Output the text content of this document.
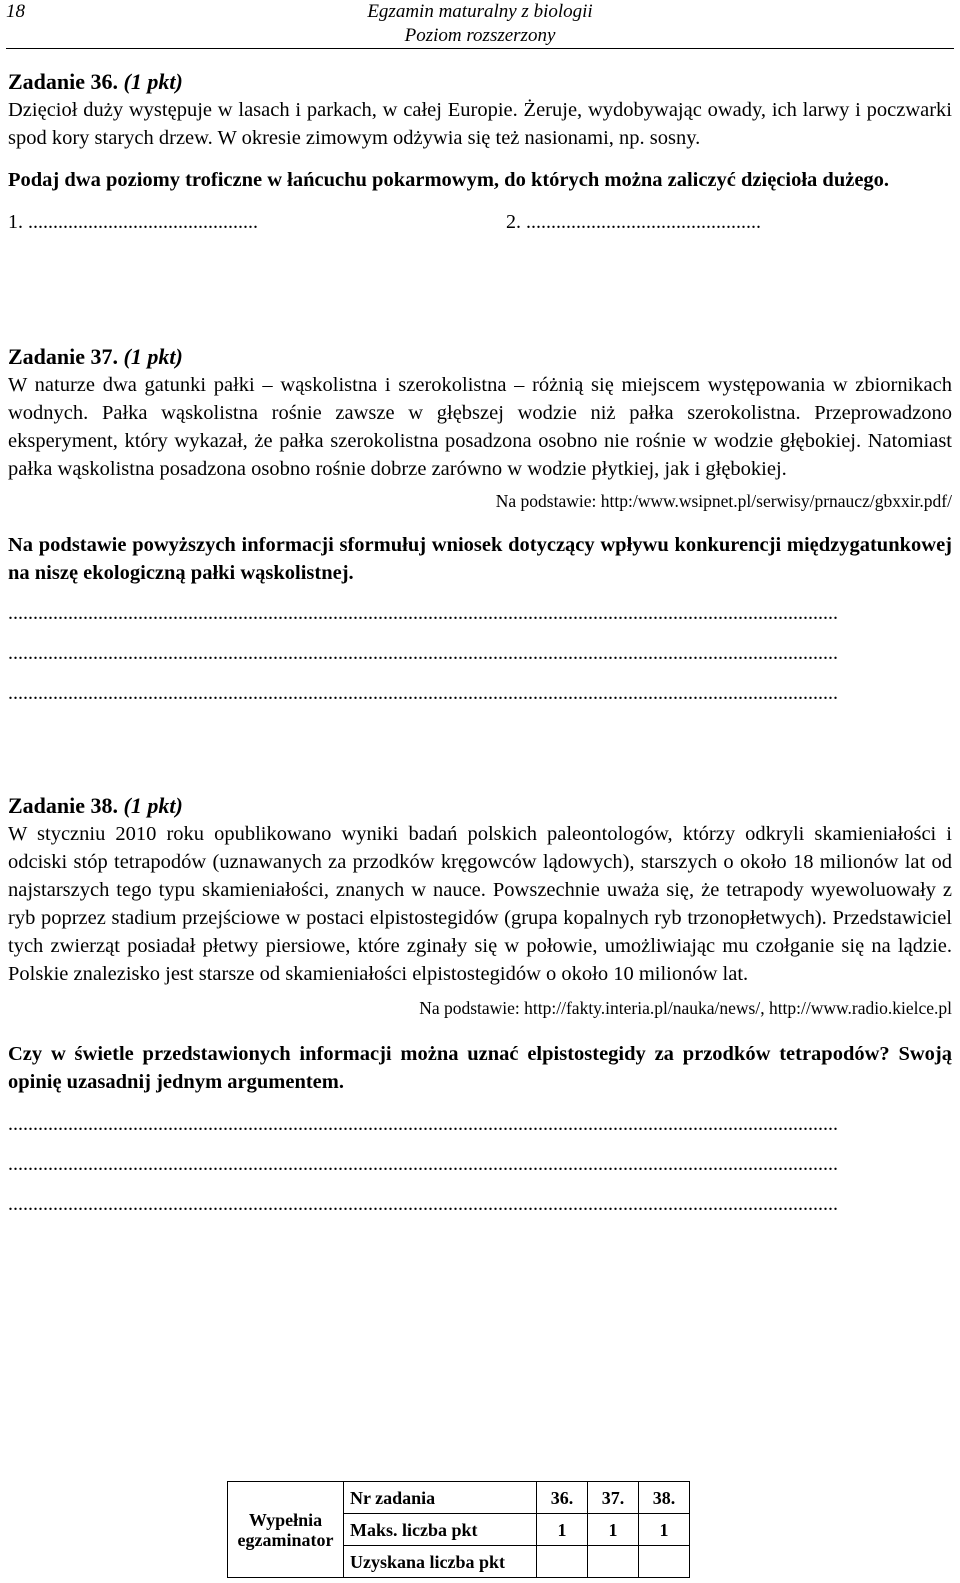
18	Egzamin maturalny z biologii
Poziom rozszerzony
Zadanie 36. (1 pkt)

Dzięcioł duży występuje w lasach i parkach, w całej Europie. Żeruje, wydobywając owady, ich larwy i poczwarki spod kory starych drzew. W okresie zimowym odżywia się też nasionami, np. sosny.

Podaj dwa poziomy troficzne w łańcuchu pokarmowym, do których można zaliczyć dzięcioła dużego.

1. ..............................................	2. ...............................................
Zadanie 37. (1 pkt)

W naturze dwa gatunki pałki – wąskolistna i szerokolistna – różnią się miejscem występowania w zbiornikach wodnych. Pałka wąskolistna rośnie zawsze w głębszej wodzie niż pałka szerokolistna. Przeprowadzono eksperyment, który wykazał, że pałka szerokolistna posadzona osobno nie rośnie w wodzie głębokiej. Natomiast pałka wąskolistna posadzona osobno rośnie dobrze zarówno w wodzie płytkiej, jak i głębokiej.

Na podstawie: http:/www.wsipnet.pl/serwisy/prnaucz/gbxxir.pdf/

Na podstawie powyższych informacji sformułuj wniosek dotyczący wpływu konkurencji międzygatunkowej na niszę ekologiczną pałki wąskolistnej.

......................................................................................................................................................................
......................................................................................................................................................................
......................................................................................................................................................................
Zadanie 38. (1 pkt)

W styczniu 2010 roku opublikowano wyniki badań polskich paleontologów, którzy odkryli skamieniałości i odciski stóp tetrapodów (uznawanych za przodków kręgowców lądowych), starszych o około 18 milionów lat od najstarszych tego typu skamieniałości, znanych w nauce. Powszechnie uważa się, że tetrapody wyewoluowały z ryb poprzez stadium przejściowe w postaci elpistostegidów (grupa kopalnych ryb trzonopłetwych). Przedstawiciel tych zwierząt posiadał płetwy piersiowe, które zginały się w połowie, umożliwiając mu czołganie się na lądzie. Polskie znalezisko jest starsze od skamieniałości elpistostegidów o około 10 milionów lat.

Na podstawie: http://fakty.interia.pl/nauka/news/, http://www.radio.kielce.pl

Czy w świetle przedstawionych informacji można uznać elpistostegidy za przodków tetrapodów? Swoją opinię uzasadnij jednym argumentem.

......................................................................................................................................................................
......................................................................................................................................................................
......................................................................................................................................................................
Wypełnia egzaminator	Nr zadania	36.	37.	38.
	Maks. liczba pkt	1	1	1
	Uzyskana liczba pkt			
